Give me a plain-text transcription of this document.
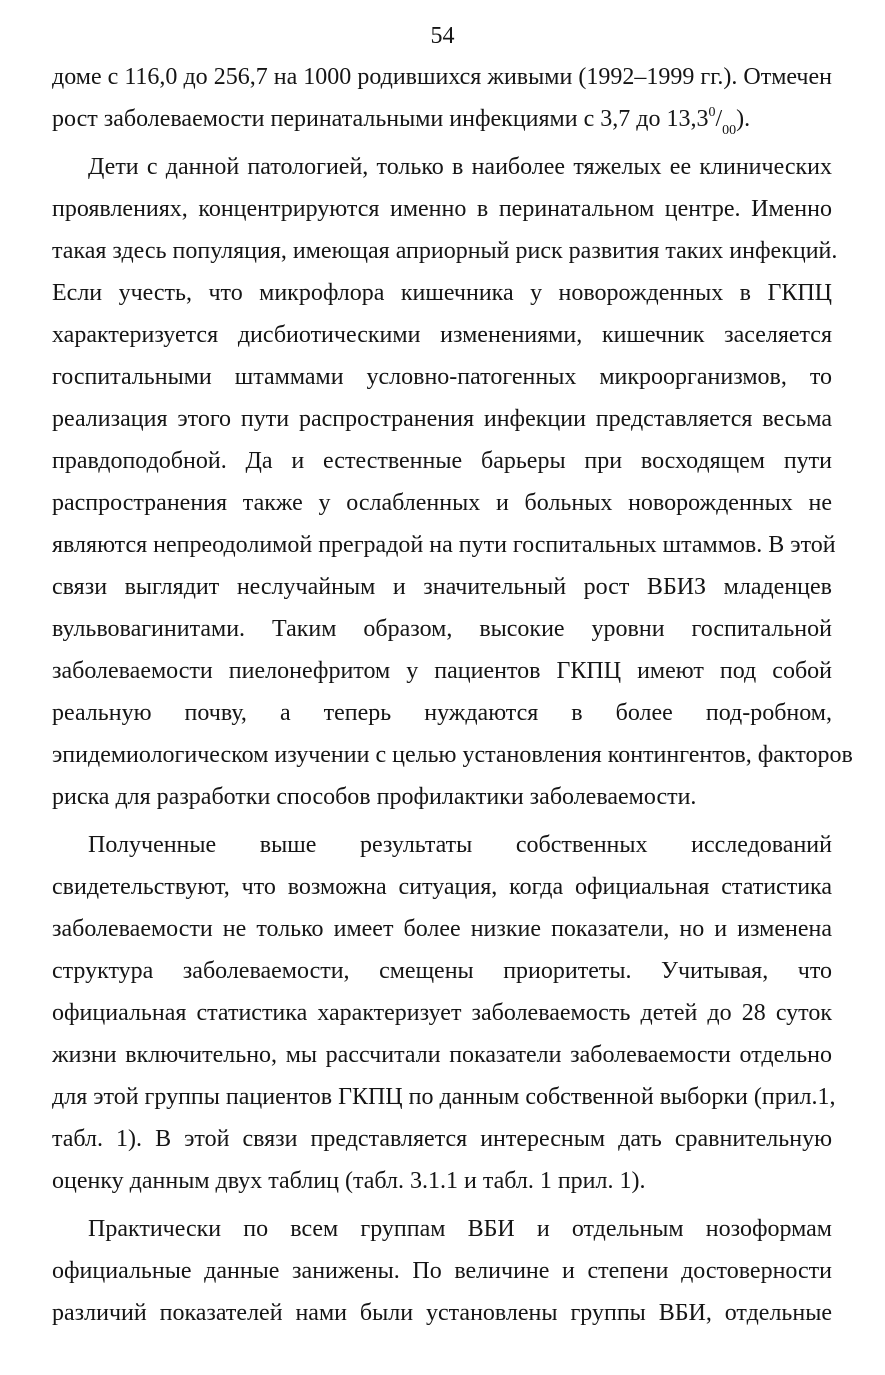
54
доме с 116,0 до 256,7 на 1000 родившихся живыми (1992–1999 гг.). Отмечен
рост заболеваемости перинатальными инфекциями с 3,7 до $13,3^0/_{00}$).
Дети с данной патологией, только в наиболее тяжелых ее клинических
проявлениях, концентрируются именно в перинатальном центре. Именно
такая здесь популяция, имеющая априорный риск развития таких инфекций.
Если учесть, что микрофлора кишечника у новорожденных в ГКПЦ
характеризуется дисбиотическими изменениями, кишечник заселяется
госпитальными штаммами условно-патогенных микроорганизмов, то
реализация этого пути распространения инфекции представляется весьма
правдоподобной. Да и естественные барьеры при восходящем пути
распространения также у ослабленных и больных новорожденных не
являются непреодолимой преградой на пути госпитальных штаммов. В этой
связи выглядит неслучайным и значительный рост ВБИЗ младенцев
вульвовагинитами. Таким образом, высокие уровни госпитальной
заболеваемости пиелонефритом у пациентов ГКПЦ имеют под собой
реальную почву, а теперь нуждаются в более под-робном,
эпидемиологическом изучении с целью установления контингентов, факторов
риска для разработки способов профилактики заболеваемости.
Полученные выше результаты собственных исследований
свидетельствуют, что возможна ситуация, когда официальная статистика
заболеваемости не только имеет более низкие показатели, но и изменена
структура заболеваемости, смещены приоритеты. Учитывая, что
официальная статистика характеризует заболеваемость детей до 28 суток
жизни включительно, мы рассчитали показатели заболеваемости отдельно
для этой группы пациентов ГКПЦ по данным собственной выборки (прил.1,
табл. 1). В этой связи представляется интересным дать сравнительную
оценку данным двух таблиц (табл. 3.1.1 и табл. 1 прил. 1).
Практически по всем группам ВБИ и отдельным нозоформам
официальные данные занижены. По величине и степени достоверности
различий показателей нами были установлены группы ВБИ, отдельные
